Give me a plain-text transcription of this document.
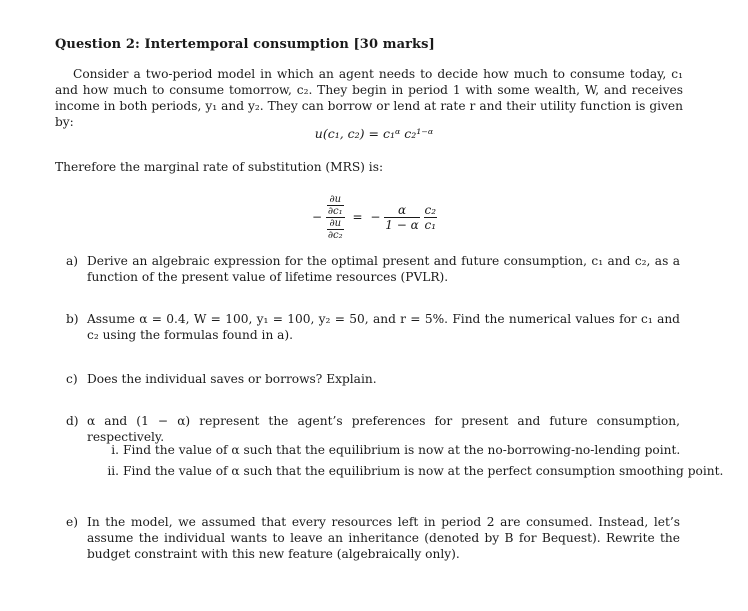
Question 2: Intertemporal consumption [30 marks]
Consider a two-period model in which an agent needs to decide how much to consume today, c₁ and how much to consume tomorrow, c₂. They begin in period 1 with some wealth, W, and receives income in both periods, y₁ and y₂. They can borrow or lend at rate r and their utility function is given by:
u(c₁, c₂) = c₁ᵅ c₂¹⁻ᵅ
Therefore the marginal rate of substitution (MRS) is:
− $\frac{\frac{\partial u}{\text{∂c₁}}}{\frac{\partial u}{\text{∂c₂}}}$ = − $\frac{\alpha}{1 - \alpha}$
$\frac{\text{c₂}}{\text{c₁}}$
a) Derive an algebraic expression for the optimal present and future consumption, c₁ and c₂, as a function of the present value of lifetime resources (PVLR).
b) Assume α = 0.4, W = 100, y₁ = 100, y₂ = 50, and r = 5%. Find the numerical values for c₁ and c₂ using the formulas found in a).
c) Does the individual saves or borrows? Explain.
d) α and (1 − α) represent the agent’s preferences for present and future consumption, respectively.
i. Find the value of α such that the equilibrium is now at the no-borrowing-no-lending point.
ii. Find the value of α such that the equilibrium is now at the perfect consumption smoothing point.
e) In the model, we assumed that every resources left in period 2 are consumed. Instead, let’s assume the individual wants to leave an inheritance (denoted by B for Bequest). Rewrite the budget constraint with this new feature (algebraically only).
